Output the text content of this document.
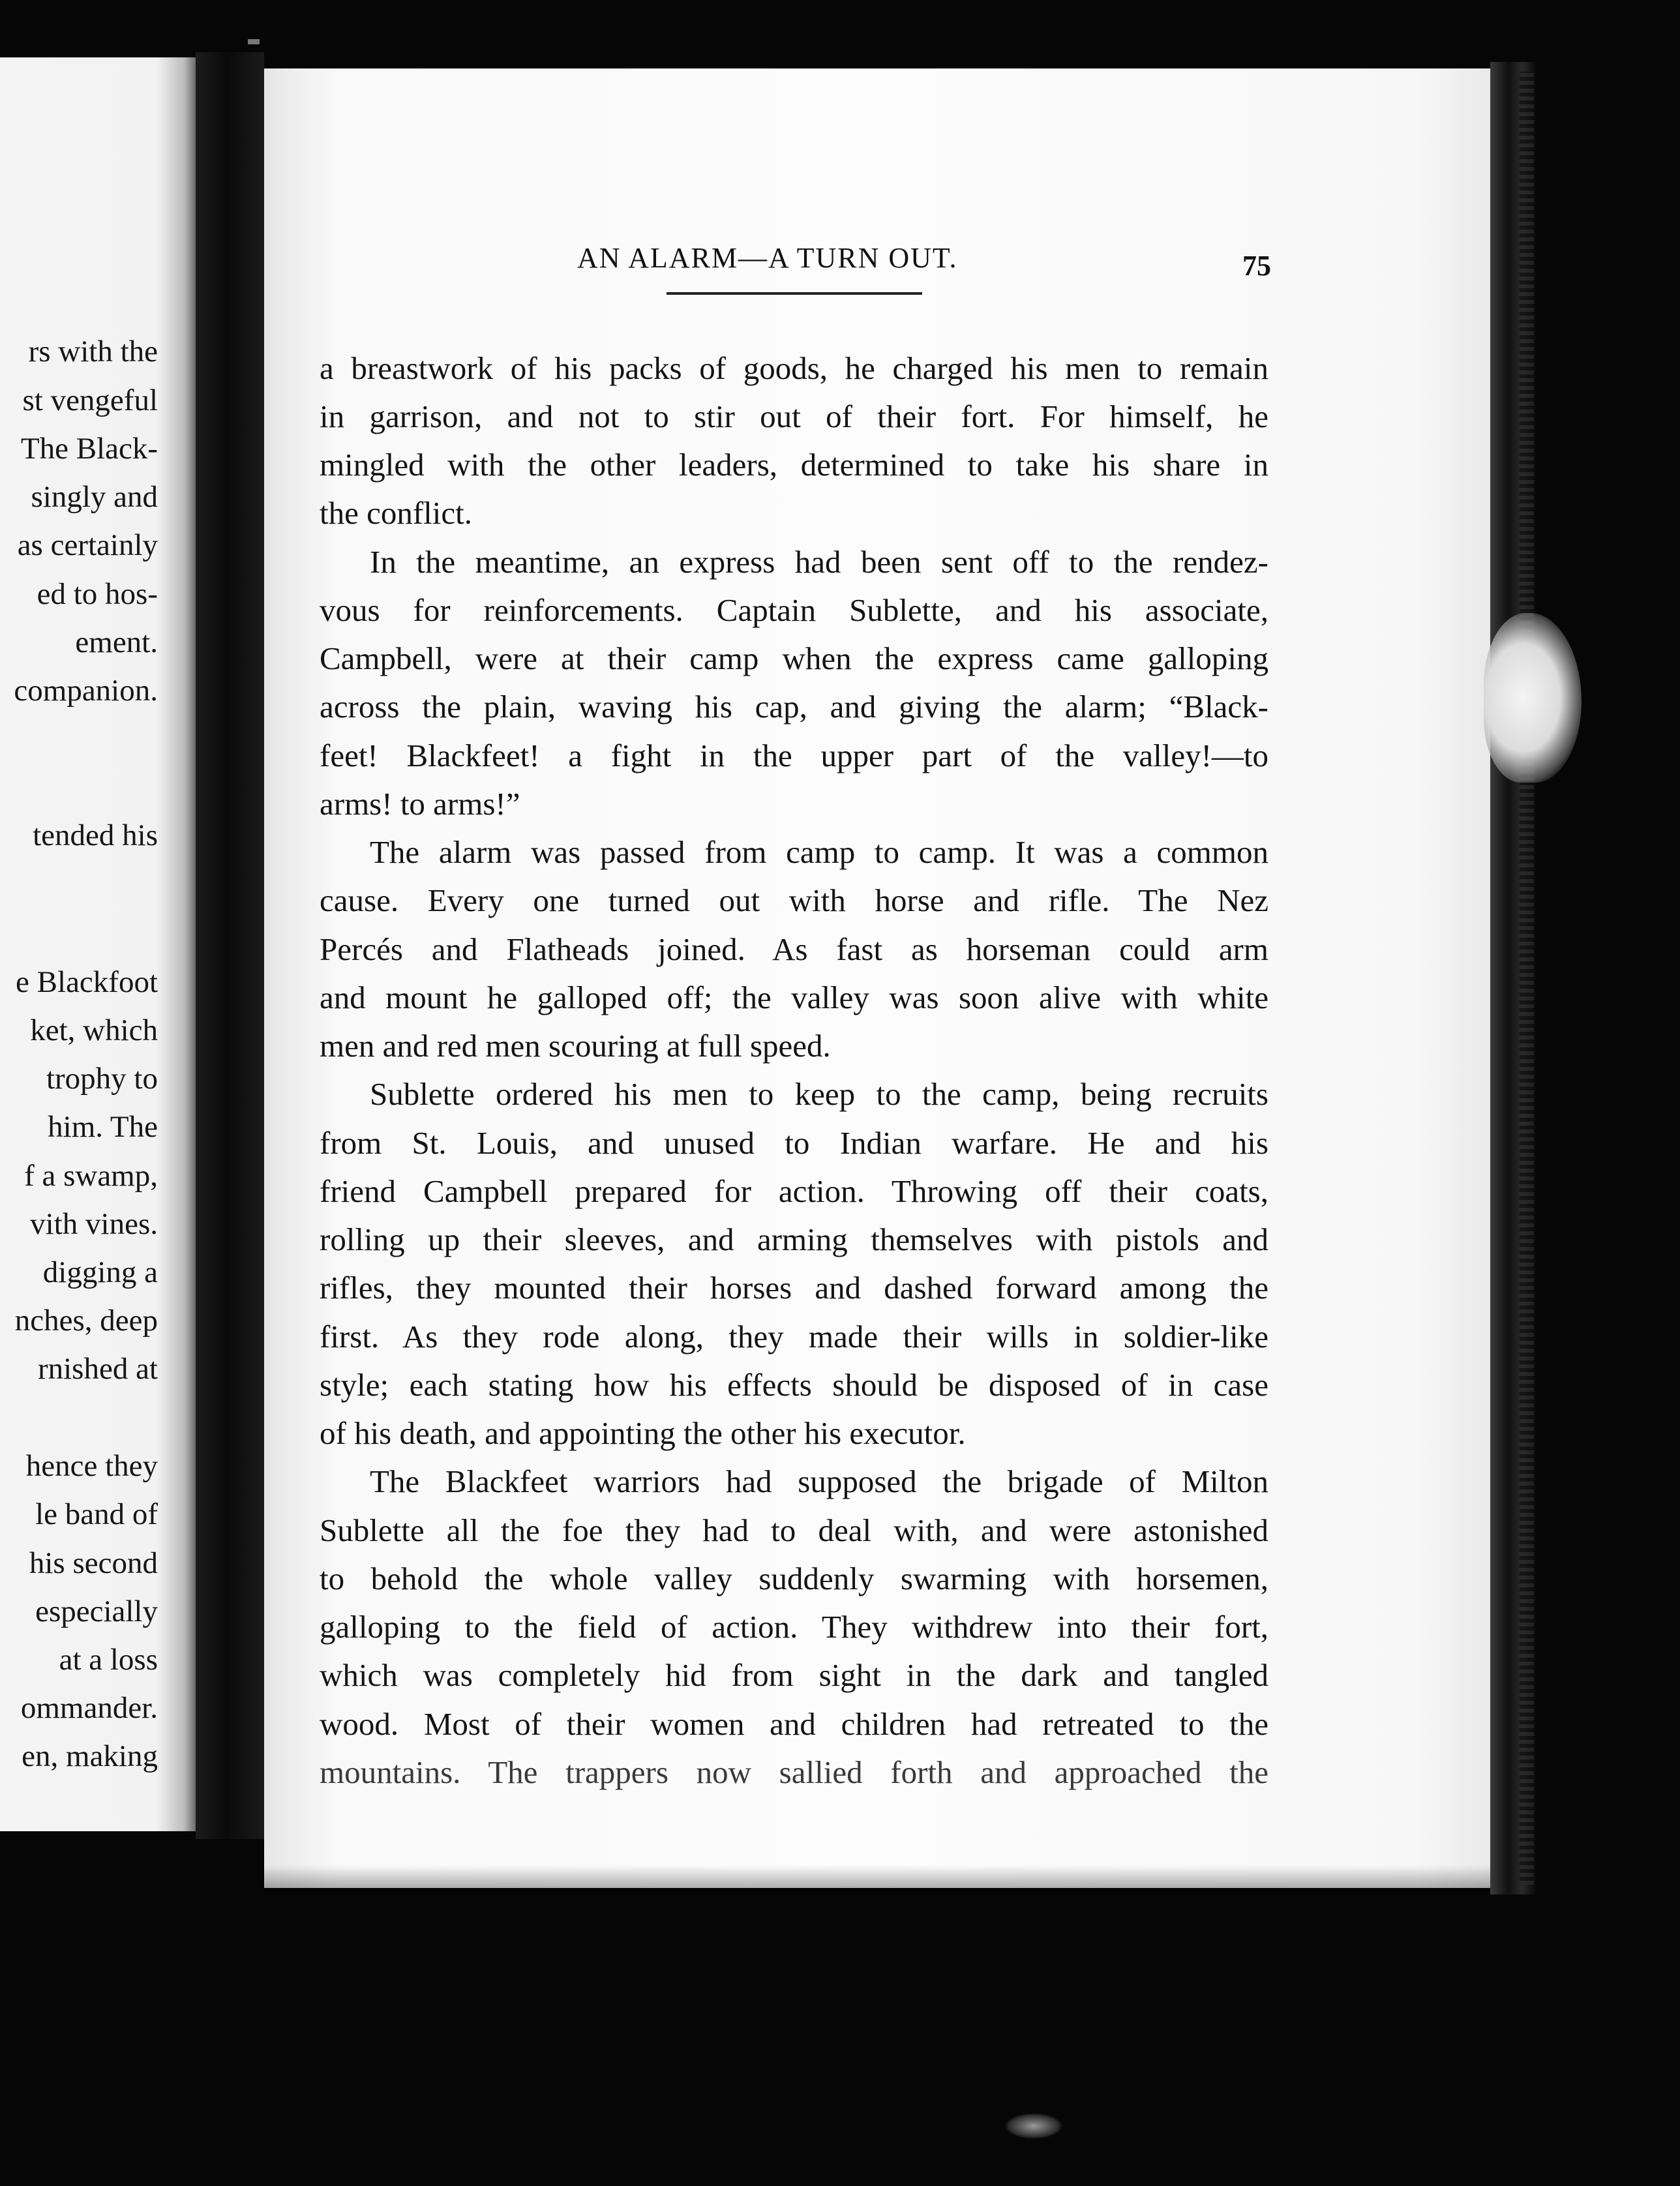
rs with the
st vengeful
The Black-
singly and
as certainly
ed to hos-
ement.
companion.
tended his
e Blackfoot
ket, which
trophy to
him. The
f a swamp,
vith vines.
digging a
nches, deep
rnished at
hence they
le band of
his second
especially
at a loss
ommander.
en, making
AN ALARM—A TURN OUT.	75
a breastwork of his packs of goods, he charged his men to remain
in garrison, and not to stir out of their fort. For himself, he
mingled with the other leaders, determined to take his share in
the conflict.
In the meantime, an express had been sent off to the rendez-
vous for reinforcements. Captain Sublette, and his associate,
Campbell, were at their camp when the express came galloping
across the plain, waving his cap, and giving the alarm; “Black-
feet! Blackfeet! a fight in the upper part of the valley!—to
arms! to arms!”
The alarm was passed from camp to camp. It was a common
cause. Every one turned out with horse and rifle. The Nez
Percés and Flatheads joined. As fast as horseman could arm
and mount he galloped off; the valley was soon alive with white
men and red men scouring at full speed.
Sublette ordered his men to keep to the camp, being recruits
from St. Louis, and unused to Indian warfare. He and his
friend Campbell prepared for action. Throwing off their coats,
rolling up their sleeves, and arming themselves with pistols and
rifles, they mounted their horses and dashed forward among the
first. As they rode along, they made their wills in soldier-like
style; each stating how his effects should be disposed of in case
of his death, and appointing the other his executor.
The Blackfeet warriors had supposed the brigade of Milton
Sublette all the foe they had to deal with, and were astonished
to behold the whole valley suddenly swarming with horsemen,
galloping to the field of action. They withdrew into their fort,
which was completely hid from sight in the dark and tangled
wood. Most of their women and children had retreated to the
mountains. The trappers now sallied forth and approached the
